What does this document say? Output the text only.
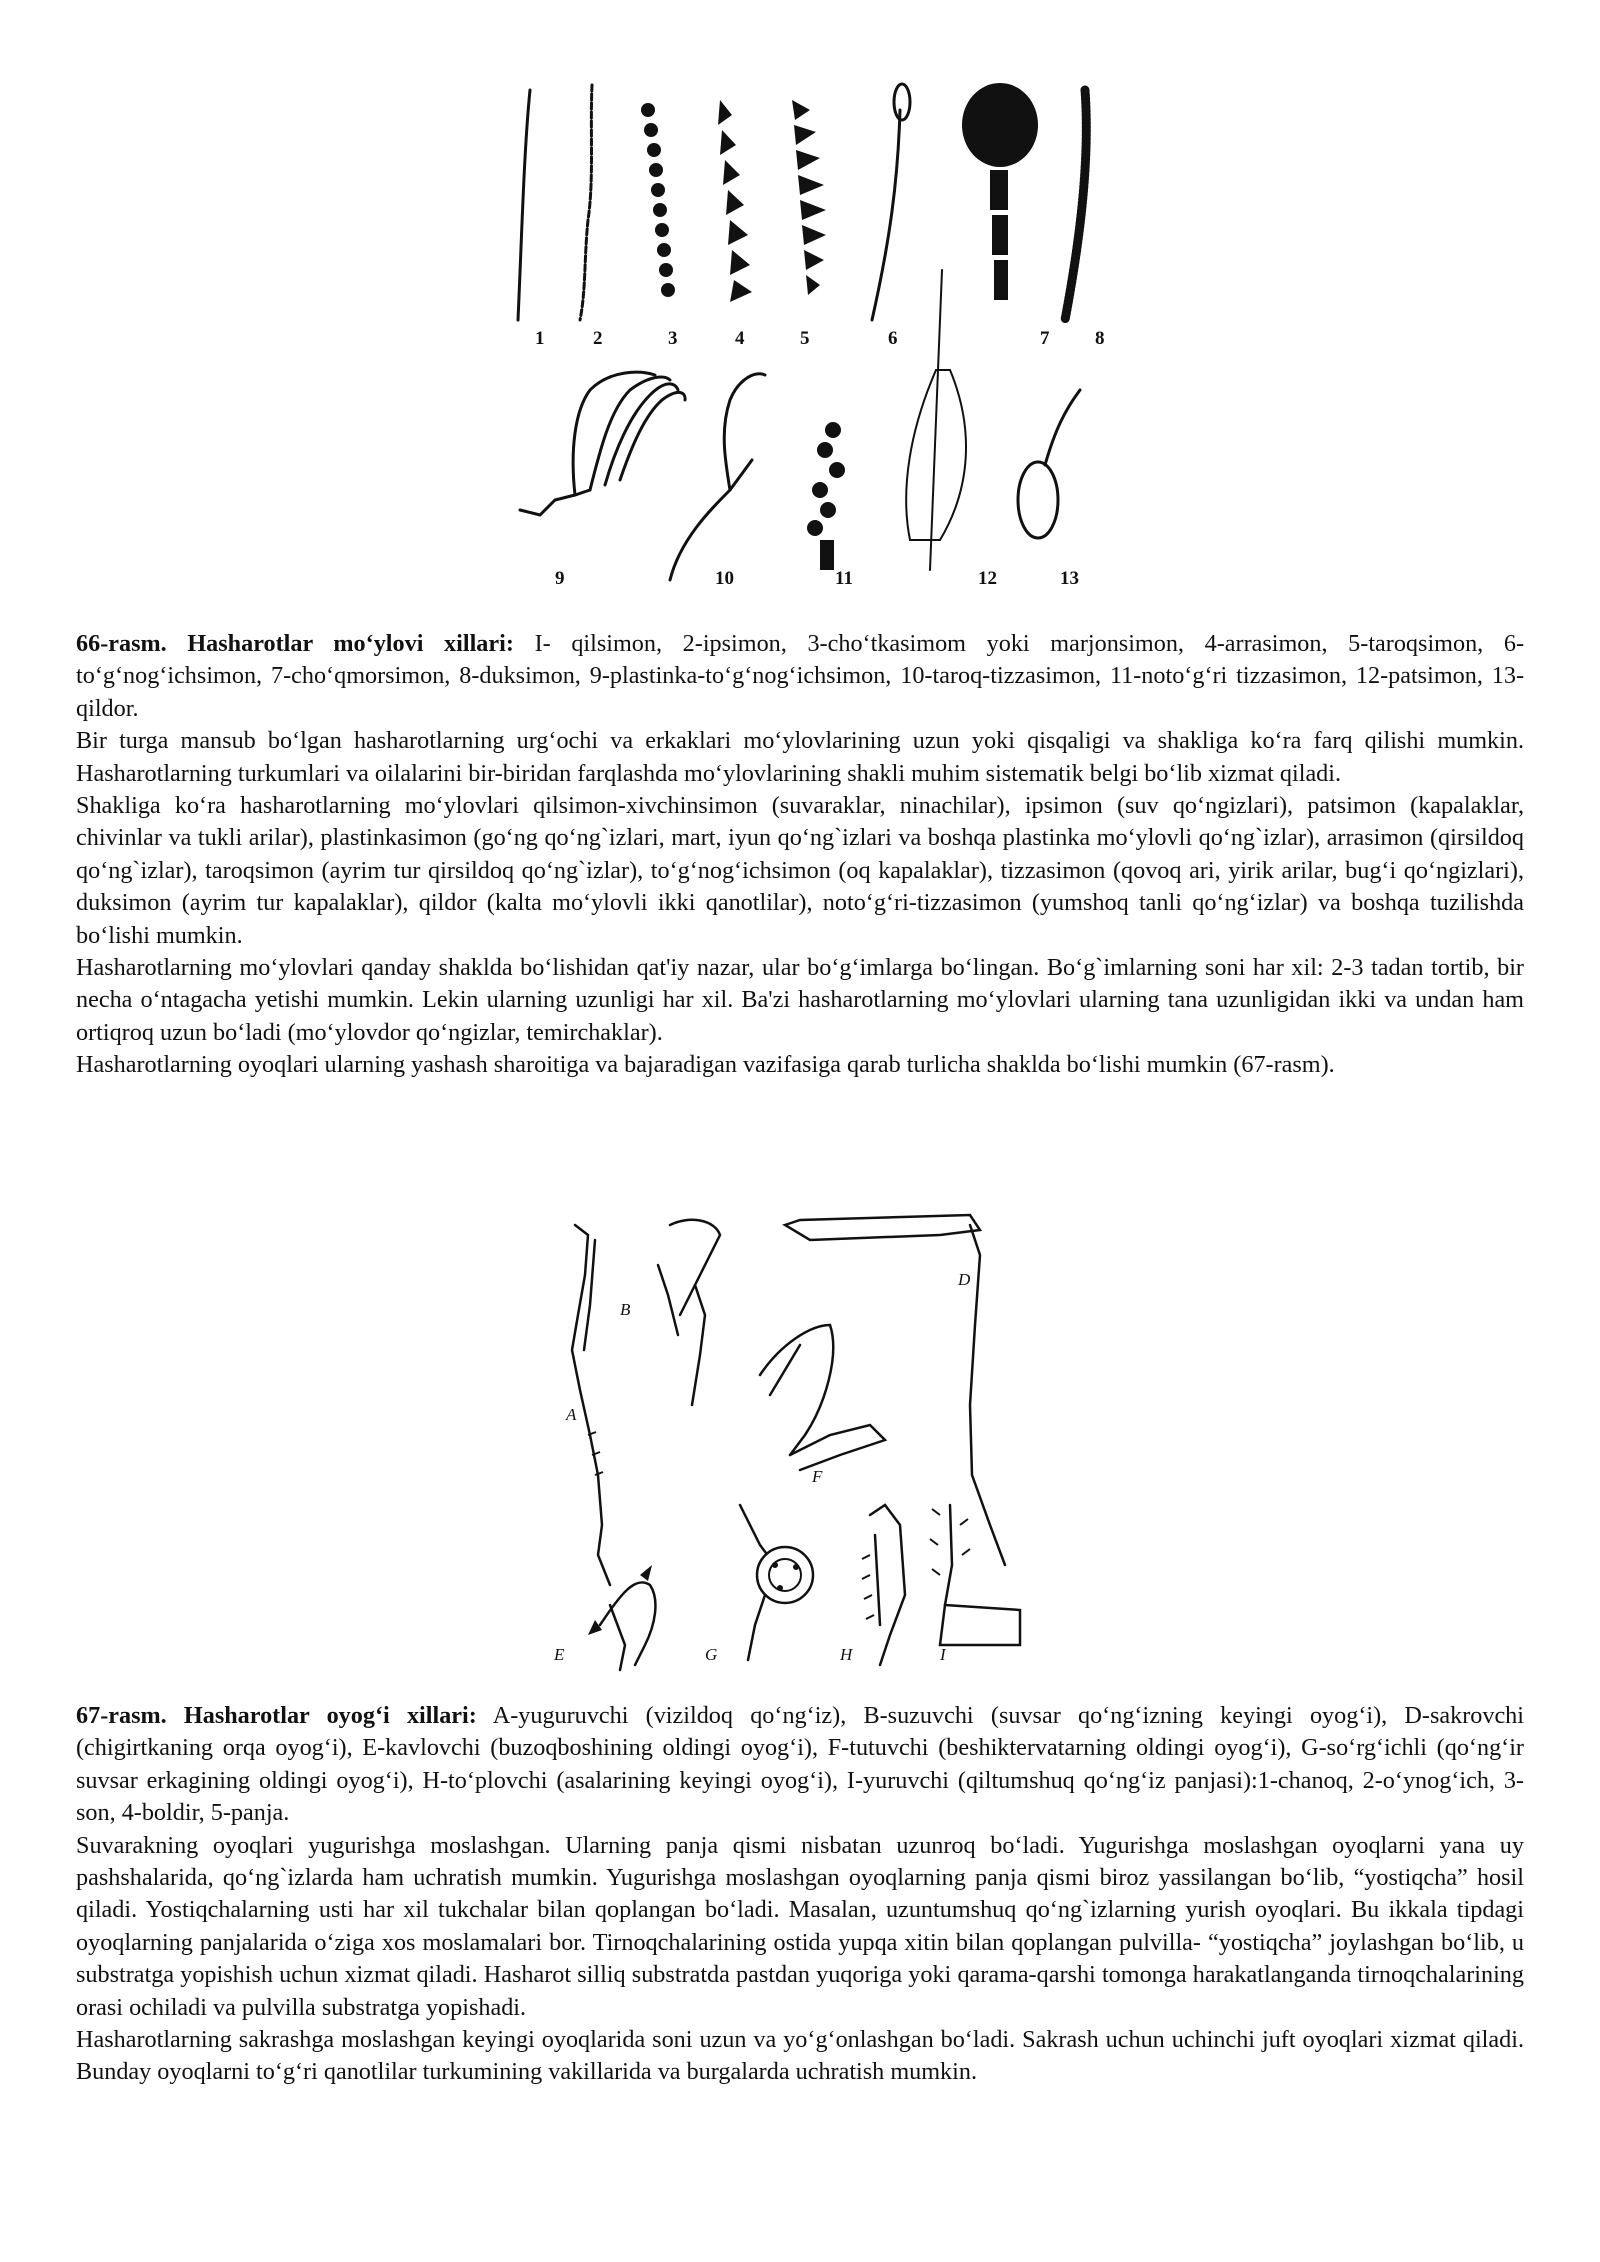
1	2	3	4	5	6	7 8
9	10	11	12	13

66-rasm. Hasharotlar mo‘ylovi xillari: I- qilsimon, 2-ipsimon, 3-cho‘tkasimom yoki marjonsimon, 4-arrasimon, 5-taroqsimon, 6-to‘g‘nog‘ichsimon, 7-cho‘qmorsimon, 8-duksimon, 9-plastinka-to‘g‘nog‘ichsimon, 10-taroq-tizzasimon, 11-noto‘g‘ri tizzasimon, 12-patsimon, 13-qildor.

Bir turga mansub bo‘lgan hasharotlarning urg‘ochi va erkaklari mo‘ylovlarining uzun yoki qisqaligi va shakliga ko‘ra farq qilishi mumkin. Hasharotlarning turkumlari va oilalarini bir-biridan farqlashda mo‘ylovlarining shakli muhim sistematik belgi bo‘lib xizmat qiladi.

Shakliga ko‘ra hasharotlarning mo‘ylovlari qilsimon-xivchinsimon (suvaraklar, ninachilar), ipsimon (suv qo‘ngizlari), patsimon (kapalaklar, chivinlar va tukli arilar), plastinkasimon (go‘ng qo‘ng`izlari, mart, iyun qo‘ng`izlari va boshqa plastinka mo‘ylovli qo‘ng`izlar), arrasimon (qirsildoq qo‘ng`izlar), taroqsimon (ayrim tur qirsildoq qo‘ng`izlar), to‘g‘nog‘ichsimon (oq kapalaklar), tizzasimon (qovoq ari, yirik arilar, bug‘i qo‘ngizlari), duksimon (ayrim tur kapalaklar), qildor (kalta mo‘ylovli ikki qanotlilar), noto‘g‘ri-tizzasimon (yumshoq tanli qo‘ng‘izlar) va boshqa tuzilishda bo‘lishi mumkin.

Hasharotlarning mo‘ylovlari qanday shaklda bo‘lishidan qat'iy nazar, ular bo‘g‘imlarga bo‘lingan. Bo‘g`imlarning soni har xil: 2-3 tadan tortib, bir necha o‘ntagacha yetishi mumkin. Lekin ularning uzunligi har xil. Ba'zi hasharotlarning mo‘ylovlari ularning tana uzunligidan ikki va undan ham ortiqroq uzun bo‘ladi (mo‘ylovdor qo‘ngizlar, temirchaklar).

Hasharotlarning oyoqlari ularning yashash sharoitiga va bajaradigan vazifasiga qarab turlicha shaklda bo‘lishi mumkin (67-rasm).

A
B
D
E
F
G	H	I

67-rasm. Hasharotlar oyog‘i xillari: A-yuguruvchi (vizildoq qo‘ng‘iz), B-suzuvchi (suvsar qo‘ng‘izning keyingi oyog‘i), D-sakrovchi (chigirtkaning orqa oyog‘i), E-kavlovchi (buzoqboshining oldingi oyog‘i), F-tutuvchi (beshiktervatarning oldingi oyog‘i), G-so‘rg‘ichli (qo‘ng‘ir suvsar erkagining oldingi oyog‘i), H-to‘plovchi (asalarining keyingi oyog‘i), I-yuruvchi (qiltumshuq qo‘ng‘iz panjasi):1-chanoq, 2-o‘ynog‘ich, 3-son, 4-boldir, 5-panja.

Suvarakning oyoqlari yugurishga moslashgan. Ularning panja qismi nisbatan uzunroq bo‘ladi. Yugurishga moslashgan oyoqlarni yana uy pashshalarida, qo‘ng`izlarda ham uchratish mumkin. Yugurishga moslashgan oyoqlarning panja qismi biroz yassilangan bo‘lib, “yostiqcha” hosil qiladi. Yostiqchalarning usti har xil tukchalar bilan qoplangan bo‘ladi. Masalan, uzuntumshuq qo‘ng`izlarning yurish oyoqlari. Bu ikkala tipdagi oyoqlarning panjalarida o‘ziga xos moslamalari bor. Tirnoqchalarining ostida yupqa xitin bilan qoplangan pulvilla- “yostiqcha” joylashgan bo‘lib, u substratga yopishish uchun xizmat qiladi. Hasharot silliq substratda pastdan yuqoriga yoki qarama-qarshi tomonga harakatlanganda tirnoqchalarining orasi ochiladi va pulvilla substratga yopishadi.

Hasharotlarning sakrashga moslashgan keyingi oyoqlarida soni uzun va yo‘g‘onlashgan bo‘ladi. Sakrash uchun uchinchi juft oyoqlari xizmat qiladi. Bunday oyoqlarni to‘g‘ri qanotlilar turkumining vakillarida va burgalarda uchratish mumkin.
